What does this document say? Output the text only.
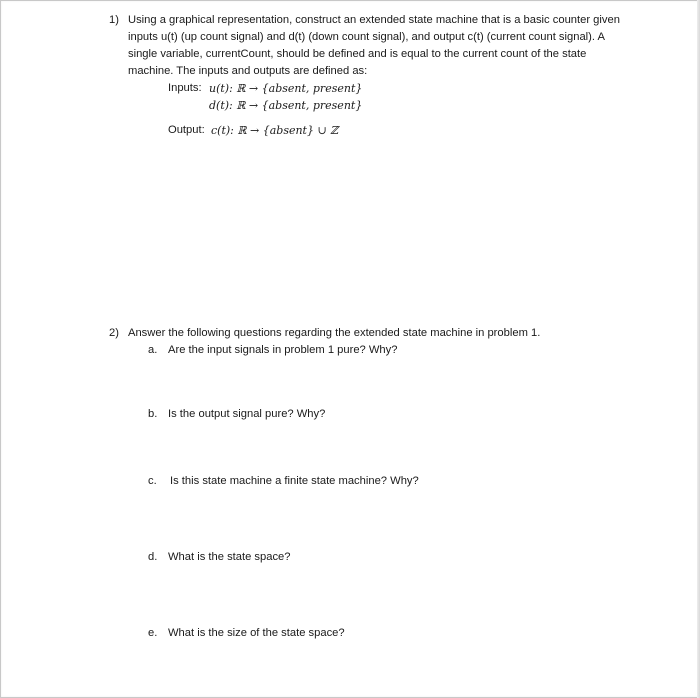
1) Using a graphical representation, construct an extended state machine that is a basic counter given
inputs u(t) (up count signal) and d(t) (down count signal), and output c(t) (current count signal). A
single variable, currentCount, should be defined and is equal to the current count of the state
machine. The inputs and outputs are defined as:
Inputs: u(t): ℝ → {absent, present}
d(t): ℝ → {absent, present}
Output: c(t): ℝ → {absent} ∪ ℤ
2) Answer the following questions regarding the extended state machine in problem 1.
a. Are the input signals in problem 1 pure? Why?
b. Is the output signal pure? Why?
c. Is this state machine a finite state machine? Why?
d. What is the state space?
e. What is the size of the state space?
